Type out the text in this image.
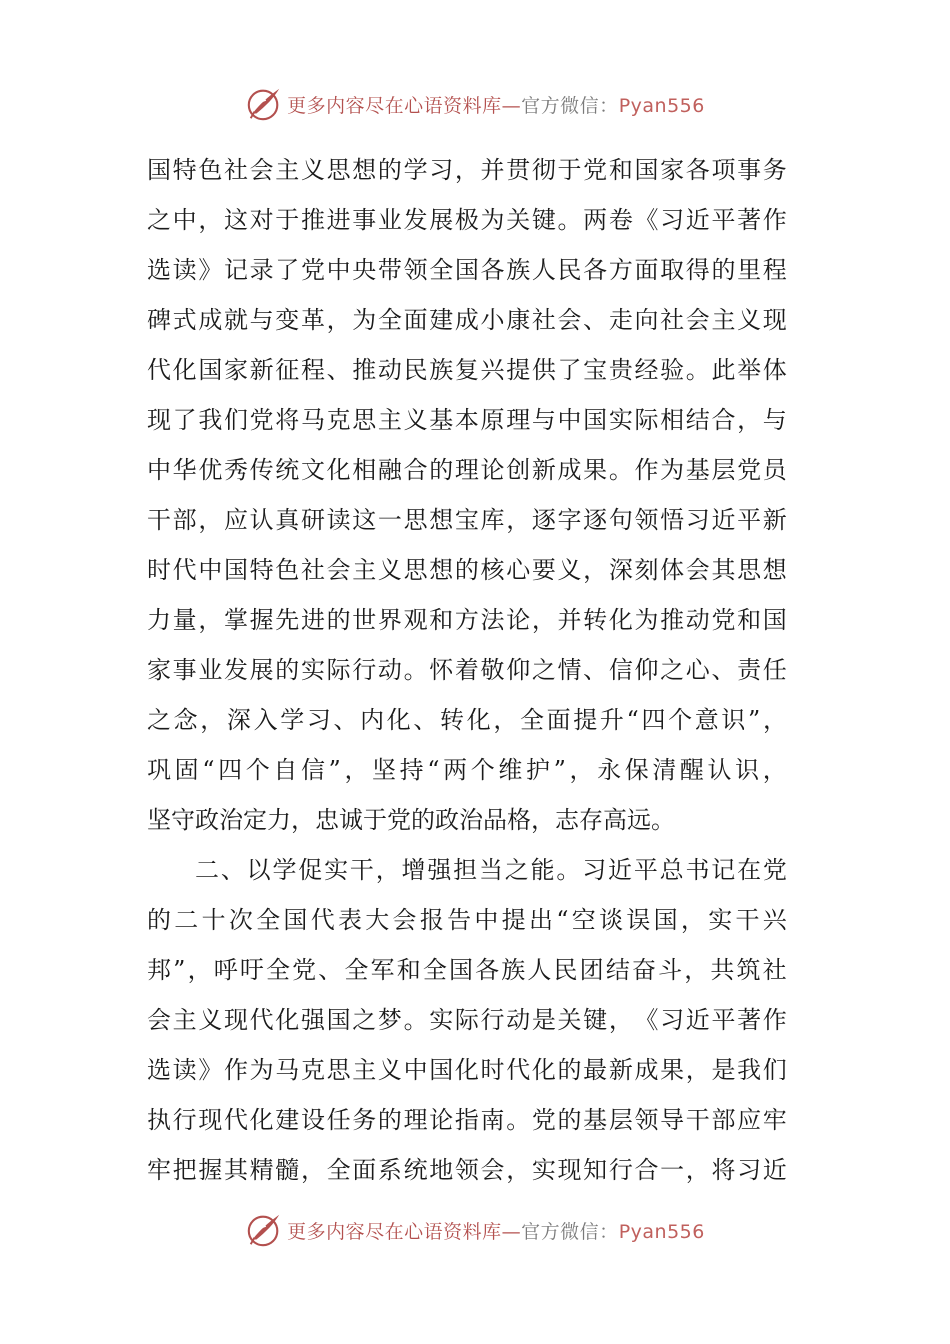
更多内容尽在心语资料库—官方微信：Pyan556
国 特 色 社 会 主 义 思 想 的 学 习 ， 并 贯 彻 于 党 和 国 家 各 项 事 务
之 中 ， 这 对 于 推 进 事 业 发 展 极 为 关 键 。 两 卷 《 习 近 平 著 作
选 读 》 记 录 了 党 中 央 带 领 全 国 各 族 人 民 各 方 面 取 得 的 里 程
碑 式 成 就 与 变 革 ， 为 全 面 建 成 小 康 社 会 、 走 向 社 会 主 义 现
代 化 国 家 新 征 程 、 推 动 民 族 复 兴 提 供 了 宝 贵 经 验 。 此 举 体
现 了 我 们 党 将 马 克 思 主 义 基 本 原 理 与 中 国 实 际 相 结 合 ， 与
中 华 优 秀 传 统 文 化 相 融 合 的 理 论 创 新 成 果 。 作 为 基 层 党 员
干 部 ， 应 认 真 研 读 这 一 思 想 宝 库 ， 逐 字 逐 句 领 悟 习 近 平 新
时 代 中 国 特 色 社 会 主 义 思 想 的 核 心 要 义 ， 深 刻 体 会 其 思 想
力 量 ， 掌 握 先 进 的 世 界 观 和 方 法 论 ， 并 转 化 为 推 动 党 和 国
家 事 业 发 展 的 实 际 行 动 。 怀 着 敬 仰 之 情 、 信 仰 之 心 、 责 任
之 念 ， 深 入 学 习 、 内 化 、 转 化 ， 全 面 提 升 “ 四 个 意 识 ” ，
巩 固 “ 四 个 自 信 ” ， 坚 持 “ 两 个 维 护 ” ， 永 保 清 醒 认 识 ，
坚 守 政 治 定 力 ， 忠 诚 于 党 的 政 治 品 格 ， 志 存 高 远 。
二 、 以 学 促 实 干 ， 增 强 担 当 之 能 。 习 近 平 总 书 记 在 党
的 二 十 次 全 国 代 表 大 会 报 告 中 提 出 “ 空 谈 误 国 ， 实 干 兴
邦 ” ， 呼 吁 全 党 、 全 军 和 全 国 各 族 人 民 团 结 奋 斗 ， 共 筑 社
会 主 义 现 代 化 强 国 之 梦 。 实 际 行 动 是 关 键 ， 《 习 近 平 著 作
选 读 》 作 为 马 克 思 主 义 中 国 化 时 代 化 的 最 新 成 果 ， 是 我 们
执 行 现 代 化 建 设 任 务 的 理 论 指 南 。 党 的 基 层 领 导 干 部 应 牢
牢 把 握 其 精 髓 ， 全 面 系 统 地 领 会 ， 实 现 知 行 合 一 ， 将 习 近
更多内容尽在心语资料库—官方微信：Pyan556
